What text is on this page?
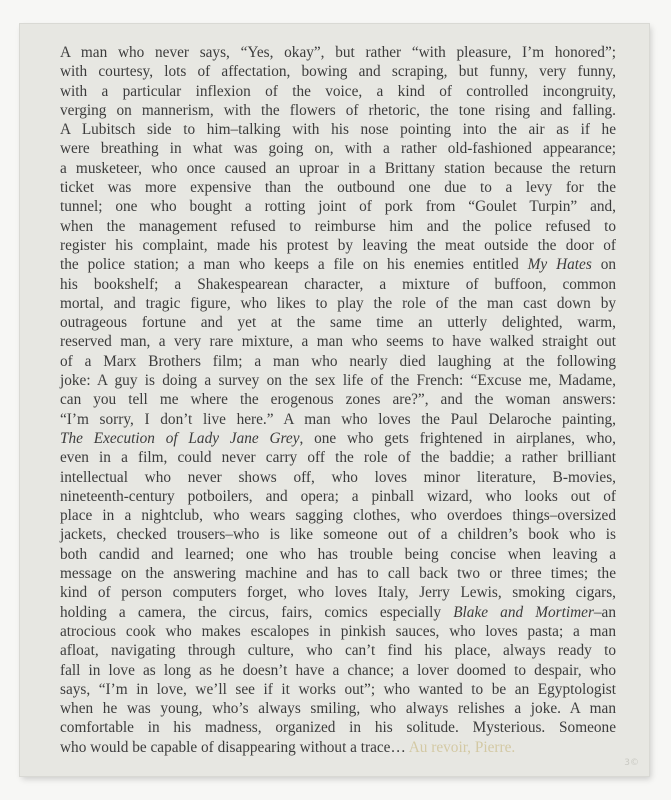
A man who never says, “Yes, okay”, but rather “with pleasure, I’m honored”;
with courtesy, lots of affectation, bowing and scraping, but funny, very funny,
with a particular inflexion of the voice, a kind of controlled incongruity,
verging on mannerism, with the flowers of rhetoric, the tone rising and falling.
A Lubitsch side to him–talking with his nose pointing into the air as if he
were breathing in what was going on, with a rather old-fashioned appearance;
a musketeer, who once caused an uproar in a Brittany station because the return
ticket was more expensive than the outbound one due to a levy for the
tunnel; one who bought a rotting joint of pork from “Goulet Turpin” and,
when the management refused to reimburse him and the police refused to
register his complaint, made his protest by leaving the meat outside the door of
the police station; a man who keeps a file on his enemies entitled My Hates on
his bookshelf; a Shakespearean character, a mixture of buffoon, common
mortal, and tragic figure, who likes to play the role of the man cast down by
outrageous fortune and yet at the same time an utterly delighted, warm,
reserved man, a very rare mixture, a man who seems to have walked straight out
of a Marx Brothers film; a man who nearly died laughing at the following
joke: A guy is doing a survey on the sex life of the French: “Excuse me, Madame,
can you tell me where the erogenous zones are?”, and the woman answers:
“I’m sorry, I don’t live here.” A man who loves the Paul Delaroche painting,
The Execution of Lady Jane Grey, one who gets frightened in airplanes, who,
even in a film, could never carry off the role of the baddie; a rather brilliant
intellectual who never shows off, who loves minor literature, B-movies,
nineteenth-century potboilers, and opera; a pinball wizard, who looks out of
place in a nightclub, who wears sagging clothes, who overdoes things–oversized
jackets, checked trousers–who is like someone out of a children’s book who is
both candid and learned; one who has trouble being concise when leaving a
message on the answering machine and has to call back two or three times; the
kind of person computers forget, who loves Italy, Jerry Lewis, smoking cigars,
holding a camera, the circus, fairs, comics especially Blake and Mortimer–an
atrocious cook who makes escalopes in pinkish sauces, who loves pasta; a man
afloat, navigating through culture, who can’t find his place, always ready to
fall in love as long as he doesn’t have a chance; a lover doomed to despair, who
says, “I’m in love, we’ll see if it works out”; who wanted to be an Egyptologist
when he was young, who’s always smiling, who always relishes a joke. A man
comfortable in his madness, organized in his solitude. Mysterious. Someone
who would be capable of disappearing without a trace… Au revoir, Pierre.
3©
